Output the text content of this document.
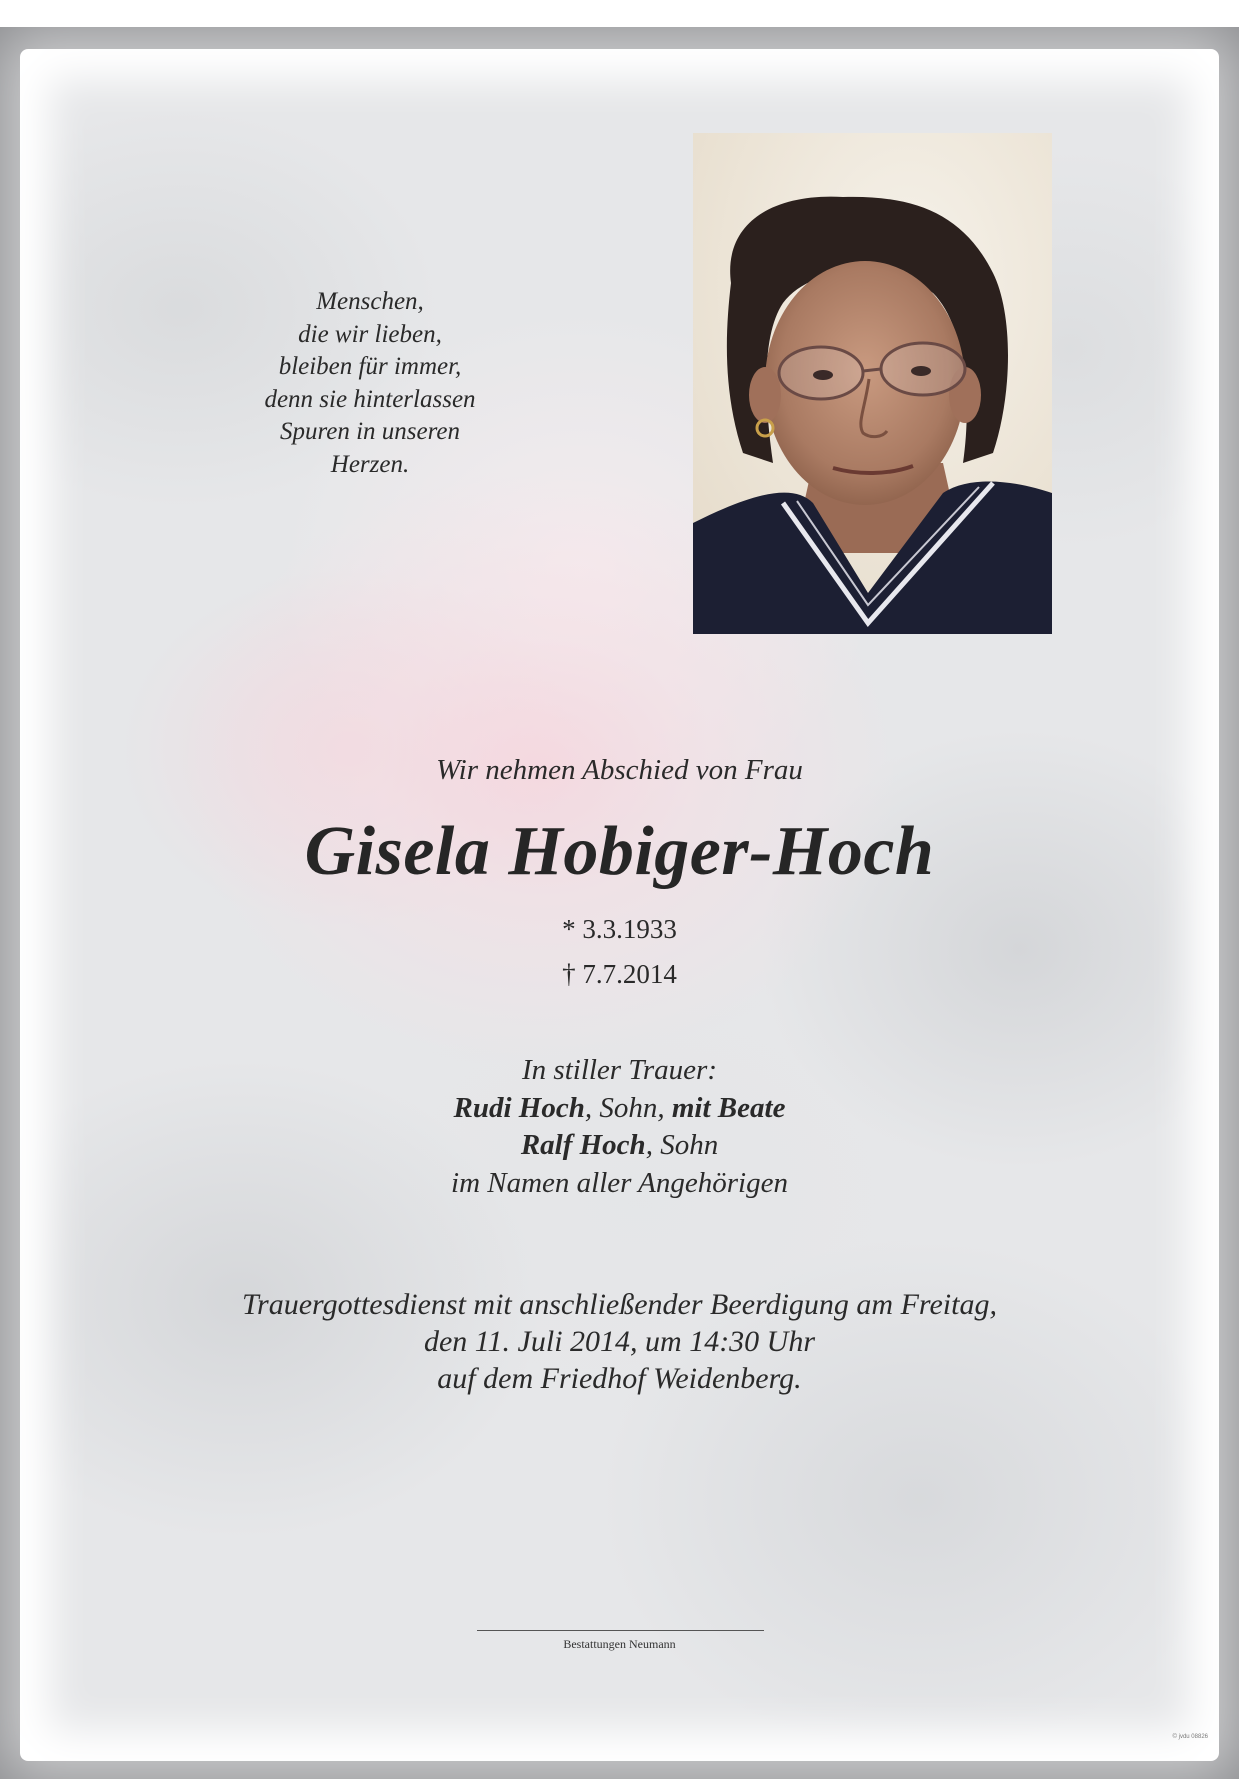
Menschen,
die wir lieben,
bleiben für immer,
denn sie hinterlassen
Spuren in unseren
Herzen.
Wir nehmen Abschied von Frau
Gisela Hobiger-Hoch
* 3.3.1933
† 7.7.2014
In stiller Trauer:
Rudi Hoch, Sohn, mit Beate
Ralf Hoch, Sohn
im Namen aller Angehörigen
Trauergottesdienst mit anschließender Beerdigung am Freitag,
den 11. Juli 2014, um 14:30 Uhr
auf dem Friedhof Weidenberg.
Bestattungen Neumann
© jvdu 08826
